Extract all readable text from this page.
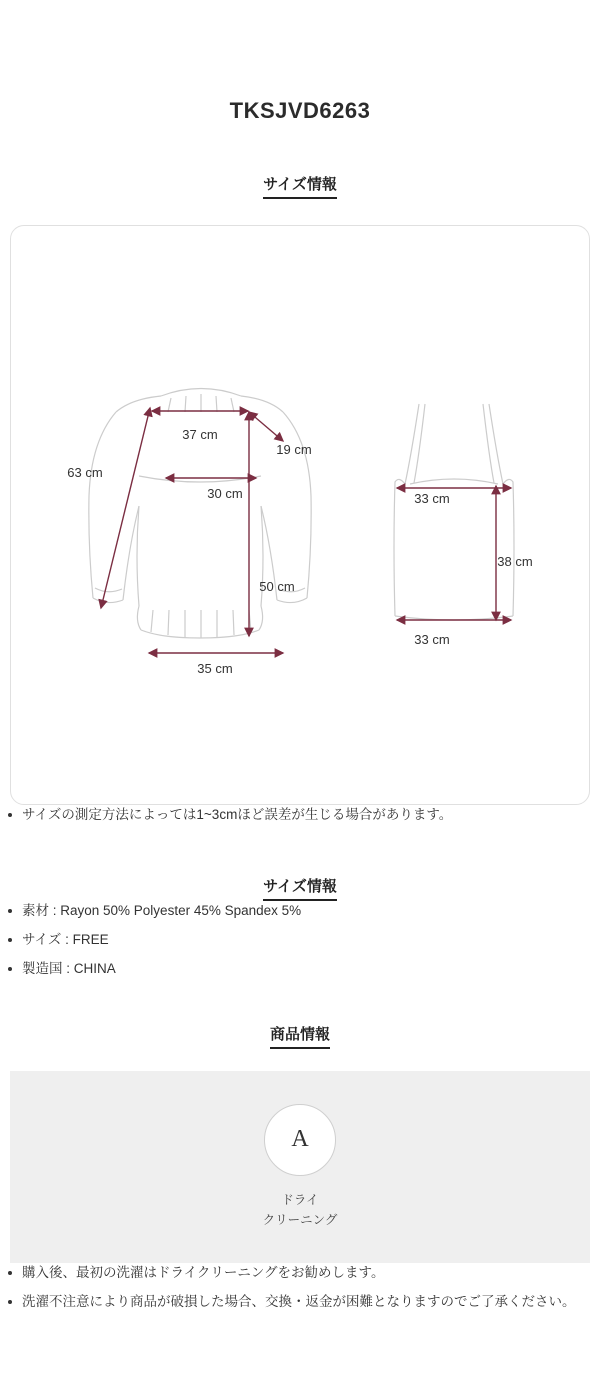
TKSJVD6263
サイズ情報
37 cm
19 cm
63 cm
30 cm
50 cm
35 cm
33 cm
38 cm
33 cm
サイズの測定方法によっては1~3cmほど誤差が生じる場合があります。
サイズ情報
素材 : Rayon 50% Polyester 45% Spandex 5%
サイズ : FREE
製造国 : CHINA
商品情報
A
ドライ
クリーニング
購入後、最初の洗濯はドライクリーニングをお勧めします。
洗濯不注意により商品が破損した場合、交換・返金が困難となりますのでご了承ください。
